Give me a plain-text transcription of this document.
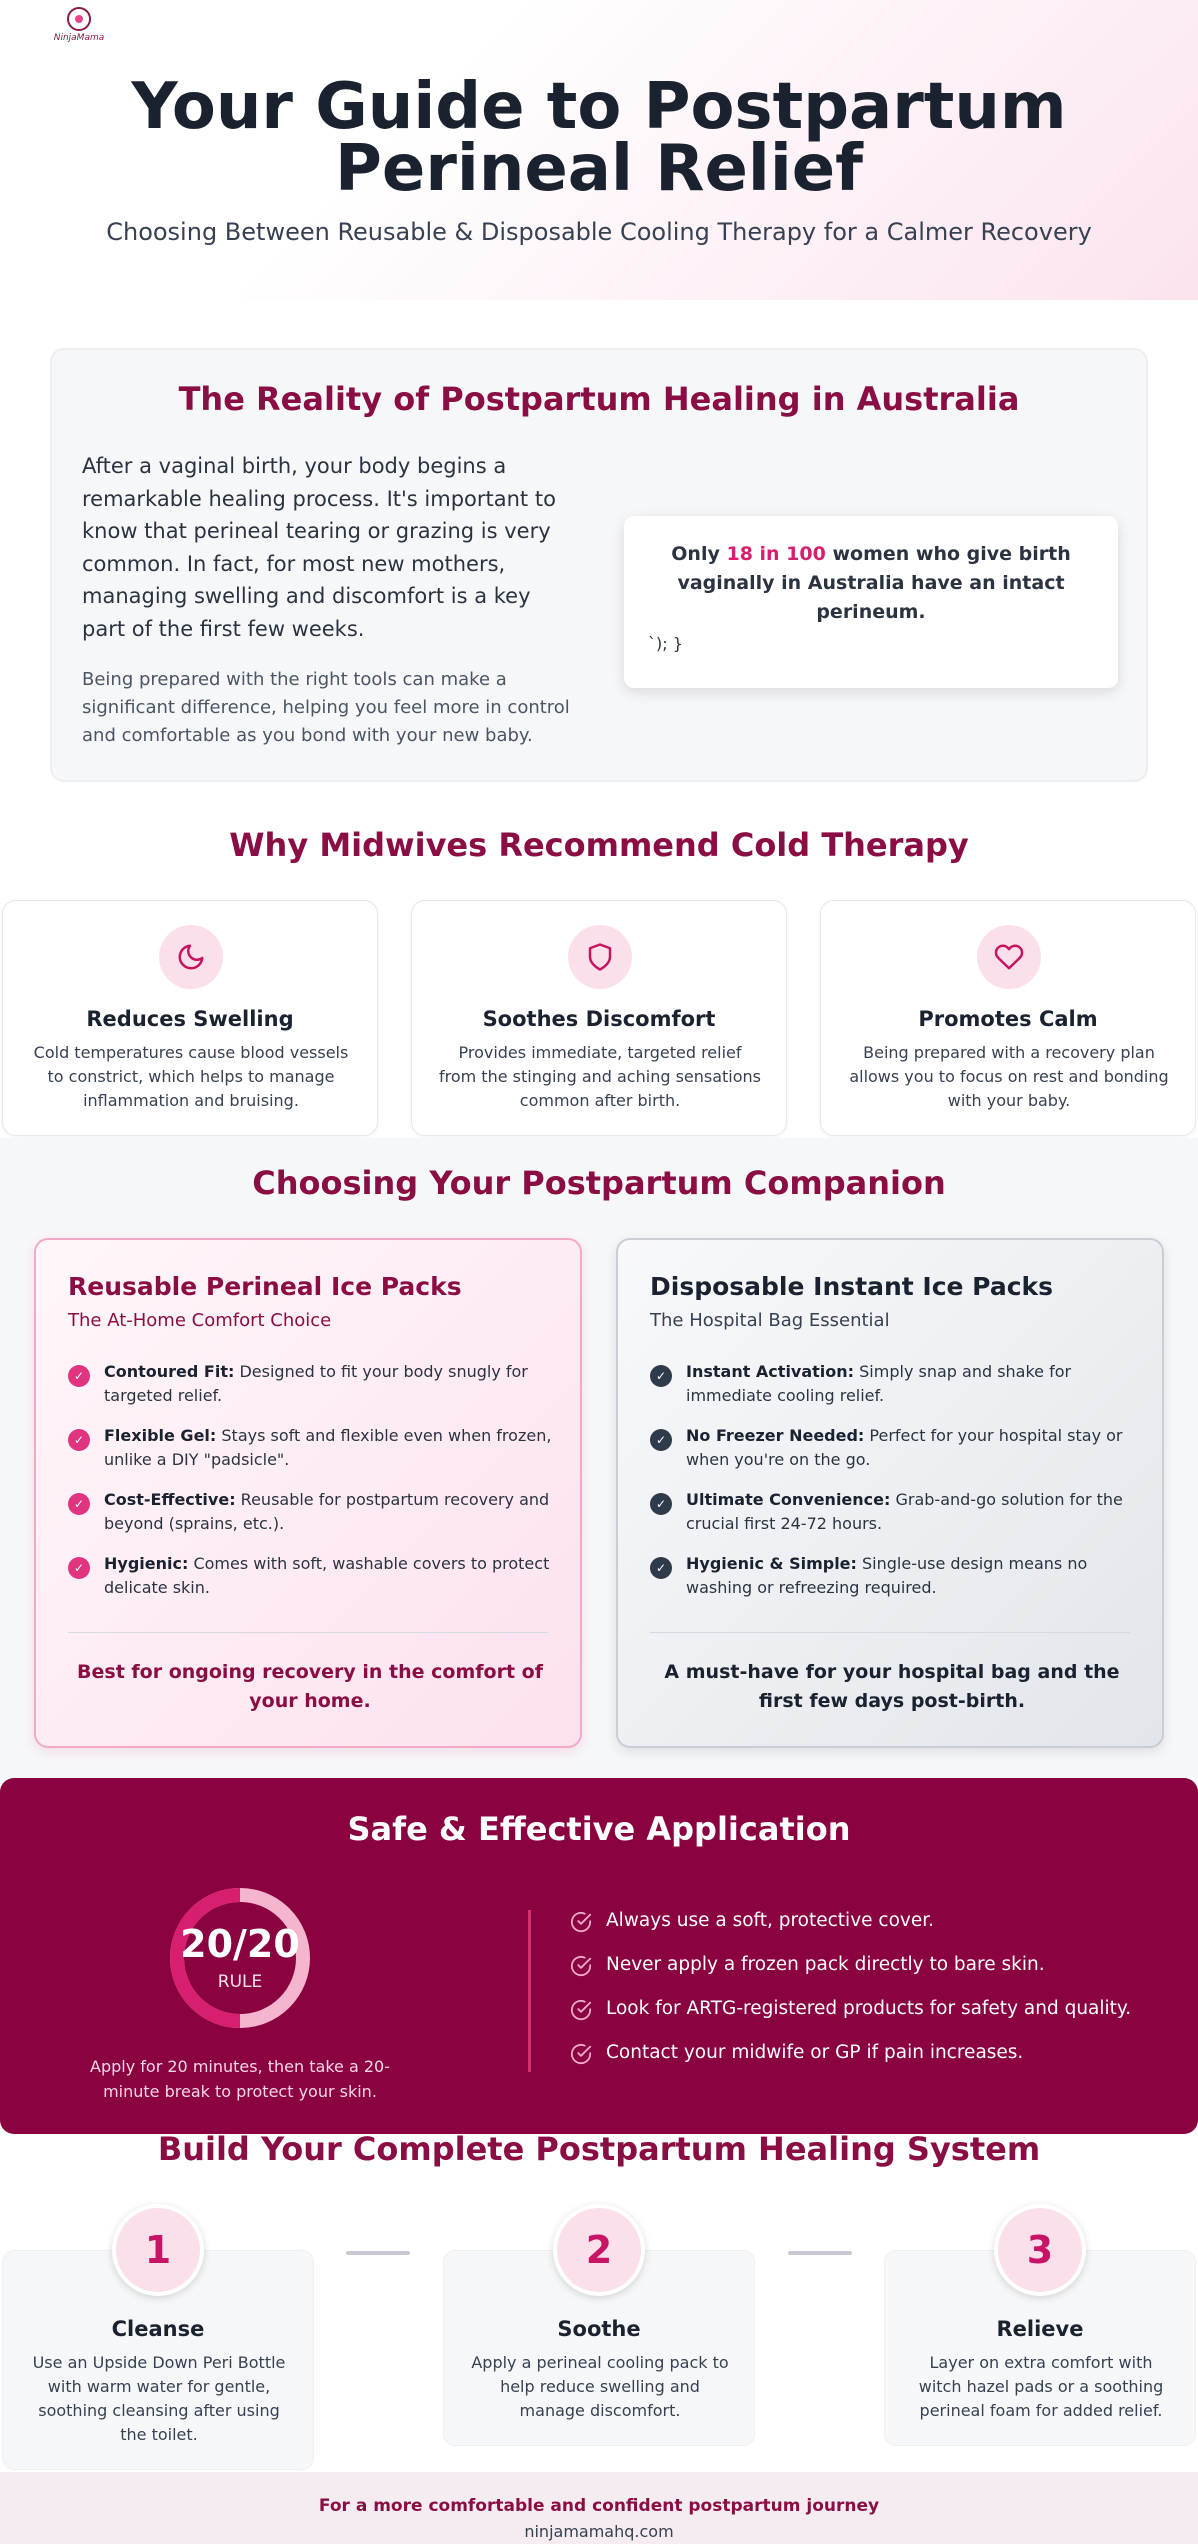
NinjaMama
Your Guide to Postpartum Perineal Relief

Choosing Between Reusable & Disposable Cooling Therapy for a Calmer Recovery

The Reality of Postpartum Healing in Australia

After a vaginal birth, your body begins a remarkable healing process. It's important to know that perineal tearing or grazing is very common. In fact, for most new mothers, managing swelling and discomfort is a key part of the first few weeks.

Being prepared with the right tools can make a significant difference, helping you feel more in control and comfortable as you bond with your new baby.

Only 18 in 100 women who give birth vaginally in Australia have an intact perineum.

`); }

Why Midwives Recommend Cold Therapy
Reduces Swelling

Cold temperatures cause blood vessels to constrict, which helps to manage inflammation and bruising.

Soothes Discomfort

Provides immediate, targeted relief from the stinging and aching sensations common after birth.

Promotes Calm

Being prepared with a recovery plan allows you to focus on rest and bonding with your baby.

Choosing Your Postpartum Companion
Reusable Perineal Ice Packs

The At-Home Comfort Choice

✓	Contoured Fit: Designed to fit your body snugly for targeted relief.
✓	Flexible Gel: Stays soft and flexible even when frozen, unlike a DIY "padsicle".
✓	Cost-Effective: Reusable for postpartum recovery and beyond (sprains, etc.).
✓	Hygienic: Comes with soft, washable covers to protect delicate skin.

Best for ongoing recovery in the comfort of your home.

Disposable Instant Ice Packs

The Hospital Bag Essential

✓	Instant Activation: Simply snap and shake for immediate cooling relief.
✓	No Freezer Needed: Perfect for your hospital stay or when you're on the go.
✓	Ultimate Convenience: Grab-and-go solution for the crucial first 24-72 hours.
✓	Hygienic & Simple: Single-use design means no washing or refreezing required.

A must-have for your hospital bag and the first few days post-birth.

Safe & Effective Application
20/20
RULE

Apply for 20 minutes, then take a 20-minute break to protect your skin.

Always use a soft, protective cover.
Never apply a frozen pack directly to bare skin.
Look for ARTG-registered products for safety and quality.
Contact your midwife or GP if pain increases.
Build Your Complete Postpartum Healing System
Cleanse

Use an Upside Down Peri Bottle with warm water for gentle, soothing cleansing after using the toilet.

1
Soothe

Apply a perineal cooling pack to help reduce swelling and manage discomfort.

2
Relieve

Layer on extra comfort with witch hazel pads or a soothing perineal foam for added relief.

3

For a more comfortable and confident postpartum journey

ninjamamahq.com
